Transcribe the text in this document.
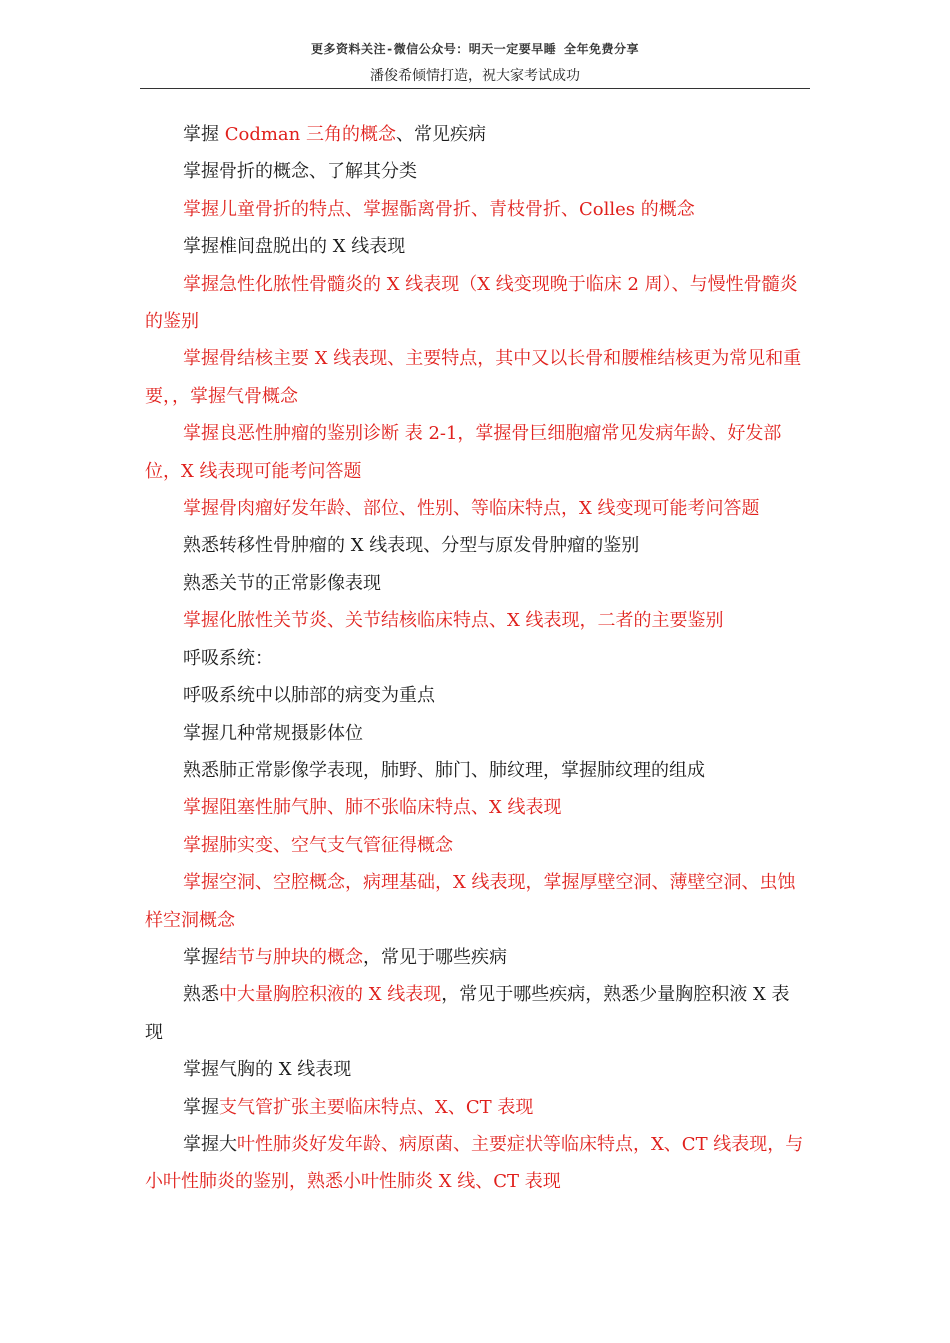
更多资料关注-微信公众号：明天一定要早睡 全年免费分享
潘俊希倾情打造，祝大家考试成功

掌握 Codman 三角的概念、常见疾病

掌握骨折的概念、了解其分类

掌握儿童骨折的特点、掌握骺离骨折、青枝骨折、Colles 的概念

掌握椎间盘脱出的 X 线表现

掌握急性化脓性骨髓炎的 X 线表现（X 线变现晚于临床 2 周）、与慢性骨髓炎的鉴别

掌握骨结核主要 X 线表现、主要特点，其中又以长骨和腰椎结核更为常见和重要，，掌握气骨概念

掌握良恶性肿瘤的鉴别诊断 表 2-1，掌握骨巨细胞瘤常见发病年龄、好发部位，X 线表现可能考问答题

掌握骨肉瘤好发年龄、部位、性别、等临床特点，X 线变现可能考问答题

熟悉转移性骨肿瘤的 X 线表现、分型与原发骨肿瘤的鉴别

熟悉关节的正常影像表现

掌握化脓性关节炎、关节结核临床特点、X 线表现，二者的主要鉴别

呼吸系统：

呼吸系统中以肺部的病变为重点

掌握几种常规摄影体位

熟悉肺正常影像学表现，肺野、肺门、肺纹理，掌握肺纹理的组成

掌握阻塞性肺气肿、肺不张临床特点、X 线表现

掌握肺实变、空气支气管征得概念

掌握空洞、空腔概念，病理基础，X 线表现，掌握厚壁空洞、薄壁空洞、虫蚀样空洞概念

掌握结节与肿块的概念，常见于哪些疾病

熟悉中大量胸腔积液的 X 线表现，常见于哪些疾病，熟悉少量胸腔积液 X 表现

掌握气胸的 X 线表现

掌握支气管扩张主要临床特点、X、CT 表现

掌握大叶性肺炎好发年龄、病原菌、主要症状等临床特点，X、CT 线表现，与小叶性肺炎的鉴别，熟悉小叶性肺炎 X 线、CT 表现
